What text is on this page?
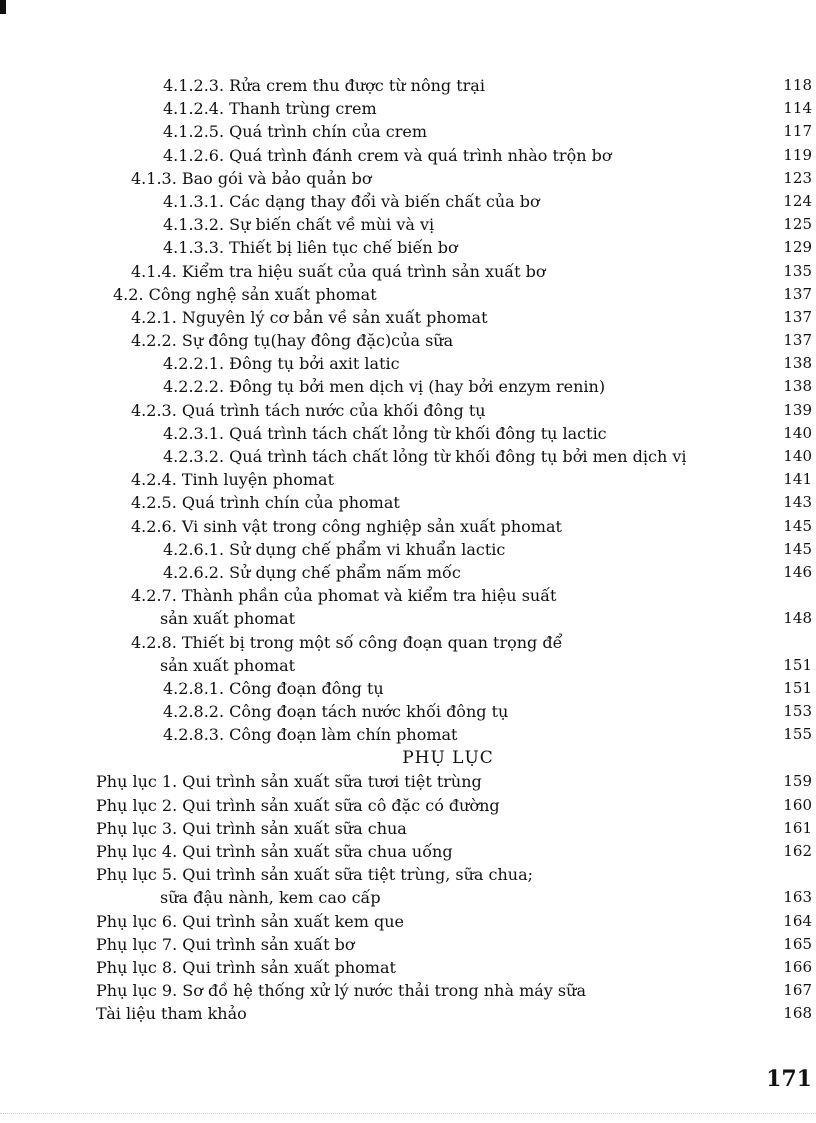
4.1.2.3. Rửa crem thu được từ nông trại	118
4.1.2.4. Thanh trùng crem	114
4.1.2.5. Quá trình chín của crem	117
4.1.2.6. Quá trình đánh crem và quá trình nhào trộn bơ	119
4.1.3. Bao gói và bảo quản bơ	123
4.1.3.1. Các dạng thay đổi và biến chất của bơ	124
4.1.3.2. Sự biến chất về mùi và vị	125
4.1.3.3. Thiết bị liên tục chế biến bơ	129
4.1.4. Kiểm tra hiệu suất của quá trình sản xuất bơ	135
4.2. Công nghệ sản xuất phomat	137
4.2.1. Nguyên lý cơ bản về sản xuất phomat	137
4.2.2. Sự đông tụ(hay đông đặc)của sữa	137
4.2.2.1. Đông tụ bởi axit latic	138
4.2.2.2. Đông tụ bởi men dịch vị (hay bởi enzym renin)	138
4.2.3. Quá trình tách nước của khối đông tụ	139
4.2.3.1. Quá trình tách chất lỏng từ khối đông tụ lactic	140
4.2.3.2. Quá trình tách chất lỏng từ khối đông tụ bởi men dịch vị	140
4.2.4. Tinh luyện phomat	141
4.2.5. Quá trình chín của phomat	143
4.2.6. Vi sinh vật trong công nghiệp sản xuất phomat	145
4.2.6.1. Sử dụng chế phẩm vi khuẩn lactic	145
4.2.6.2. Sử dụng chế phẩm nấm mốc	146
4.2.7. Thành phần của phomat và kiểm tra hiệu suất
sản xuất phomat	148
4.2.8. Thiết bị trong một số công đoạn quan trọng để
sản xuất phomat	151
4.2.8.1. Công đoạn đông tụ	151
4.2.8.2. Công đoạn tách nước khối đông tụ	153
4.2.8.3. Công đoạn làm chín phomat	155
PHỤ LỤC
Phụ lục 1. Qui trình sản xuất sữa tươi tiệt trùng	159
Phụ lục 2. Qui trình sản xuất sữa cô đặc có đường	160
Phụ lục 3. Qui trình sản xuất sữa chua	161
Phụ lục 4. Qui trình sản xuất sữa chua uống	162
Phụ lục 5. Qui trình sản xuất sữa tiệt trùng, sữa chua;
sữa đậu nành, kem cao cấp	163
Phụ lục 6. Qui trình sản xuất kem que	164
Phụ lục 7. Qui trình sản xuất bơ	165
Phụ lục 8. Qui trình sản xuất phomat	166
Phụ lục 9. Sơ đồ hệ thống xử lý nước thải trong nhà máy sữa	167
Tài liệu tham khảo	168
171
